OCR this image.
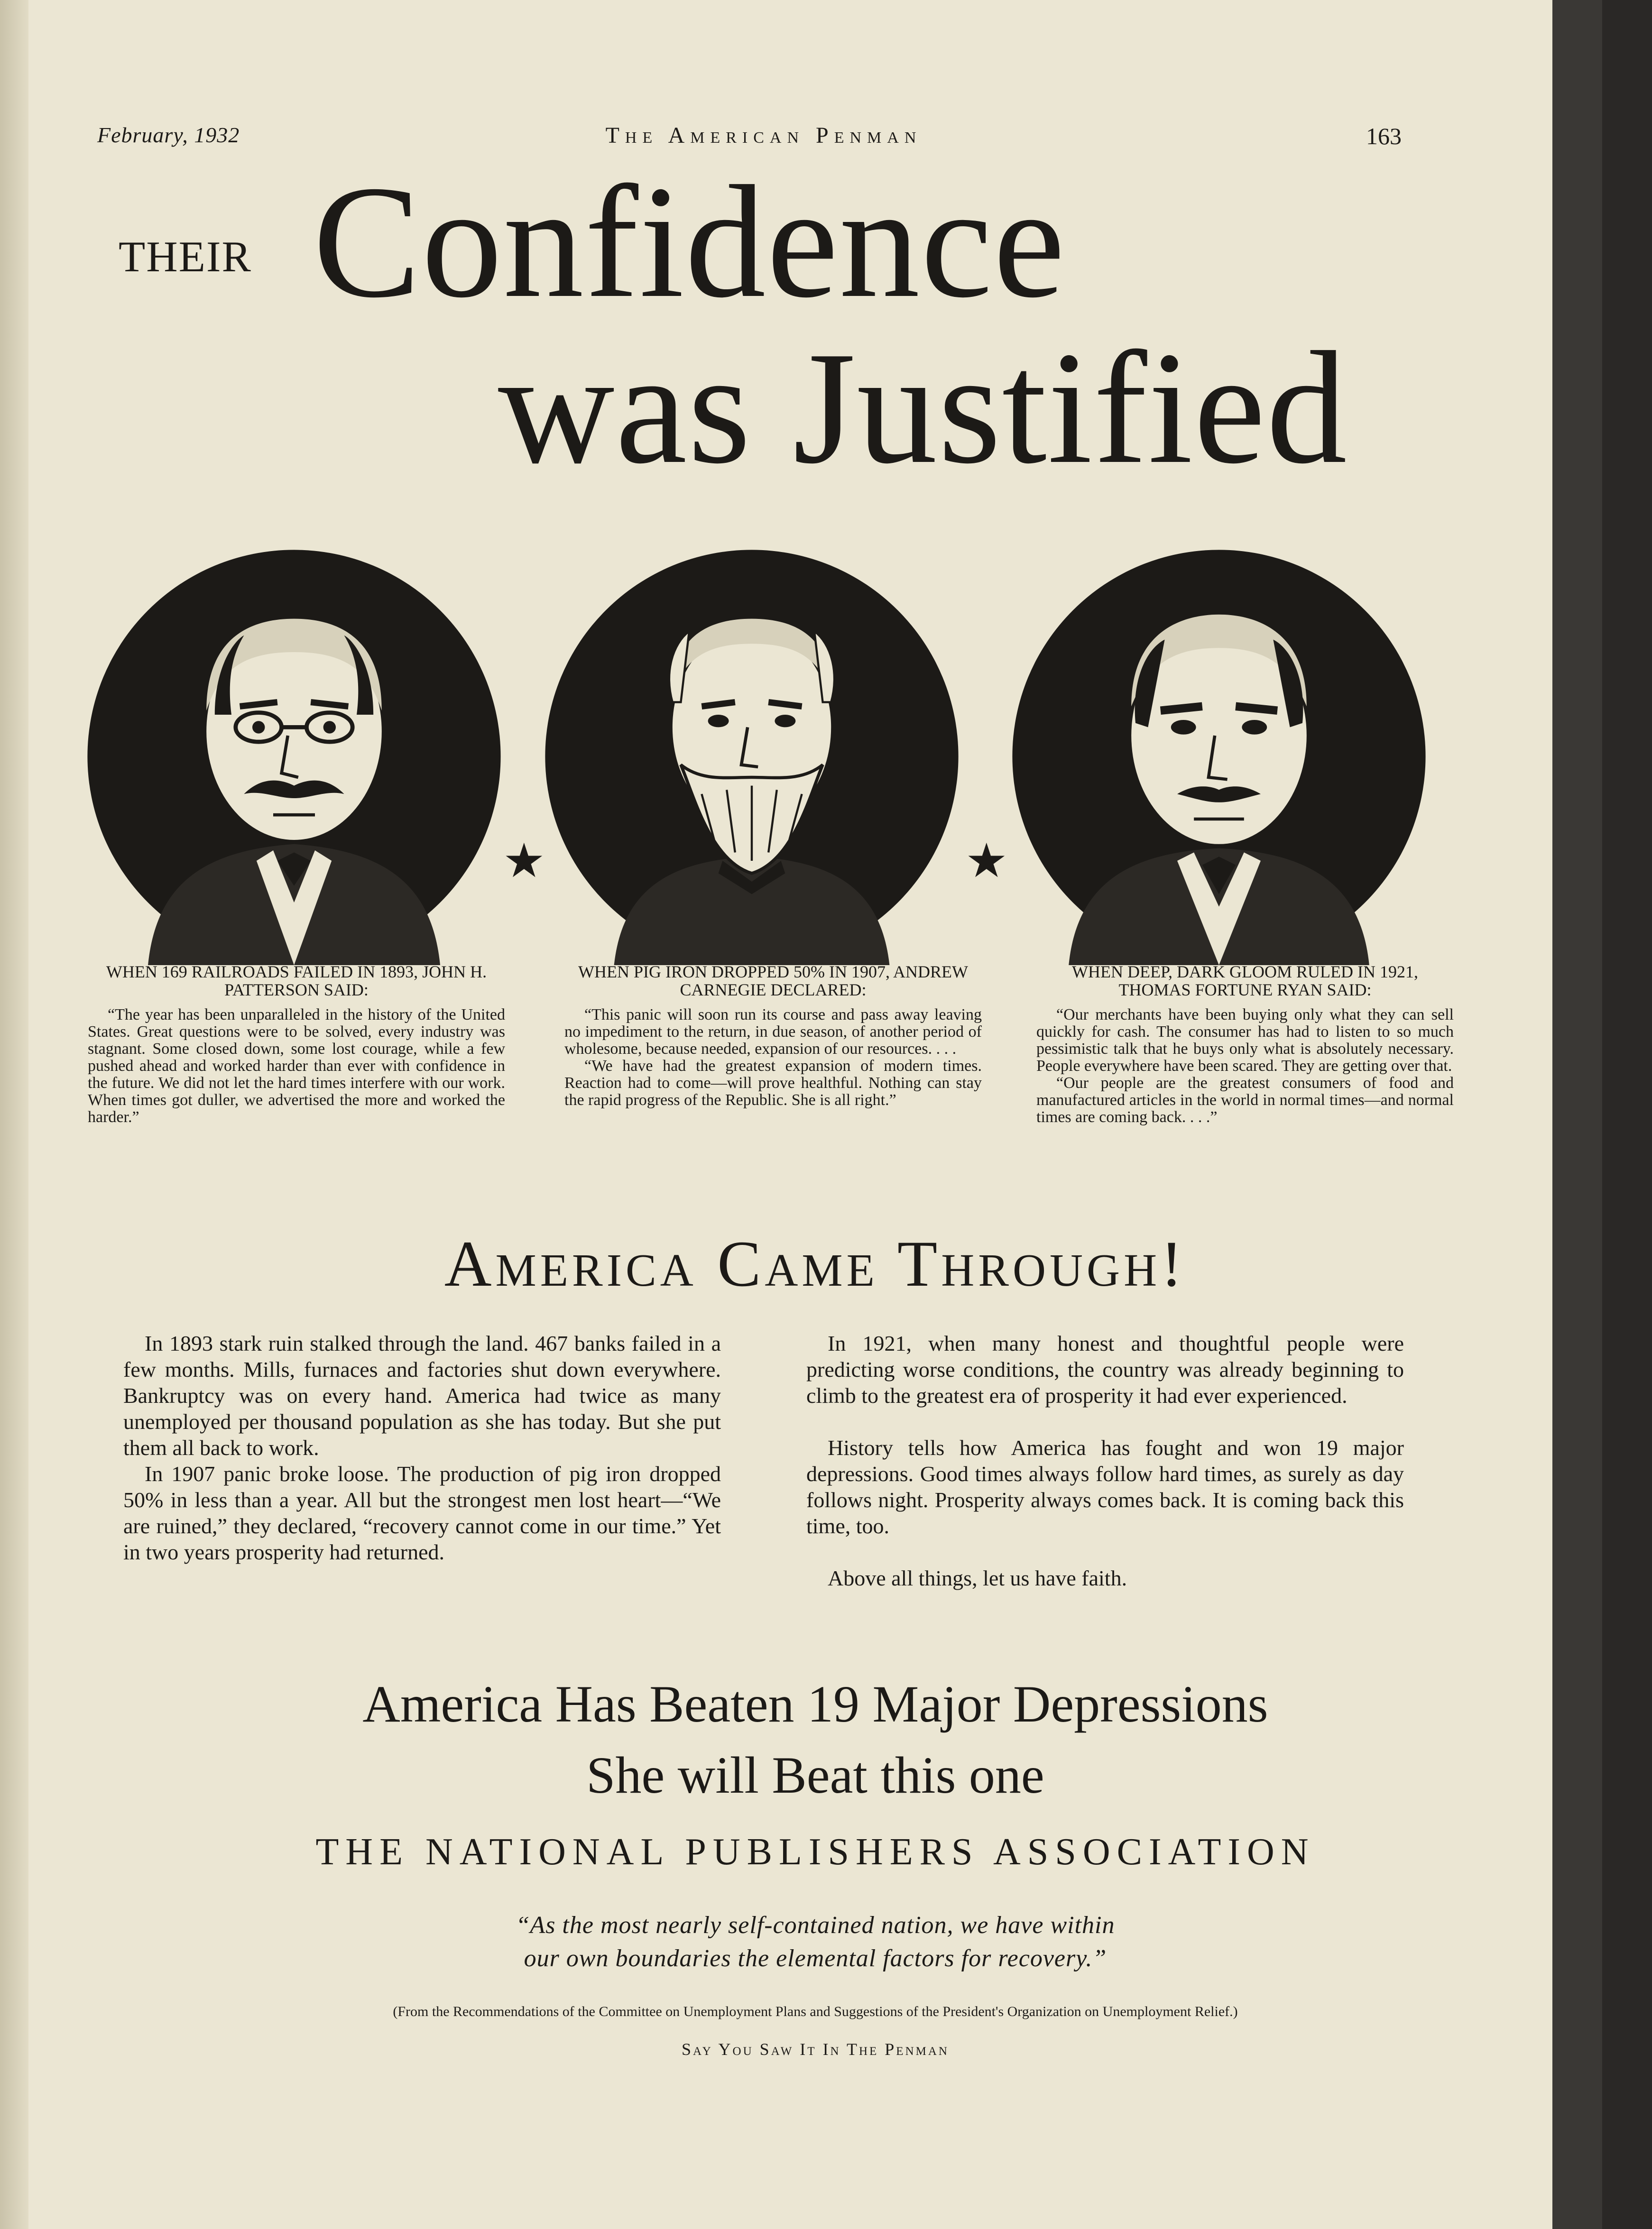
February, 1932	The American Penman	163
THEIR Confidence
was Justified
★	★
WHEN 169 RAILROADS FAILED IN 1893, JOHN H. PATTERSON SAID:

“The year has been unparalleled in the history of the United States. Great questions were to be solved, every industry was stagnant. Some closed down, some lost courage, while a few pushed ahead and worked harder than ever with confidence in the future. We did not let the hard times interfere with our work. When times got duller, we advertised the more and worked the harder.”

WHEN PIG IRON DROPPED 50% IN 1907, ANDREW CARNEGIE DECLARED:

“This panic will soon run its course and pass away leaving no impediment to the return, in due season, of another period of wholesome, because needed, expansion of our resources. . . .

“We have had the greatest expansion of modern times. Reaction had to come—will prove healthful. Nothing can stay the rapid progress of the Republic. She is all right.”

WHEN DEEP, DARK GLOOM RULED IN 1921, THOMAS FORTUNE RYAN SAID:

“Our merchants have been buying only what they can sell quickly for cash. The consumer has had to listen to so much pessimistic talk that he buys only what is absolutely necessary. People everywhere have been scared. They are getting over that.

“Our people are the greatest consumers of food and manufactured articles in the world in normal times—and normal times are coming back. . . .”

America Came Through!

In 1893 stark ruin stalked through the land. 467 banks failed in a few months. Mills, furnaces and factories shut down everywhere. Bankruptcy was on every hand. America had twice as many unemployed per thousand population as she has today. But she put them all back to work.

In 1907 panic broke loose. The production of pig iron dropped 50% in less than a year. All but the strongest men lost heart—“We are ruined,” they declared, “recovery cannot come in our time.” Yet in two years prosperity had returned.

In 1921, when many honest and thoughtful people were predicting worse conditions, the country was already beginning to climb to the greatest era of prosperity it had ever experienced.

History tells how America has fought and won 19 major depressions. Good times always follow hard times, as surely as day follows night. Prosperity always comes back. It is coming back this time, too.

Above all things, let us have faith.

America Has Beaten 19 Major Depressions
She will Beat this one
THE NATIONAL PUBLISHERS ASSOCIATION
“As the most nearly self-contained nation, we have within
our own boundaries the elemental factors for recovery.”
(From the Recommendations of the Committee on Unemployment Plans and Suggestions of the President's Organization on Unemployment Relief.)
Say You Saw It In The Penman
